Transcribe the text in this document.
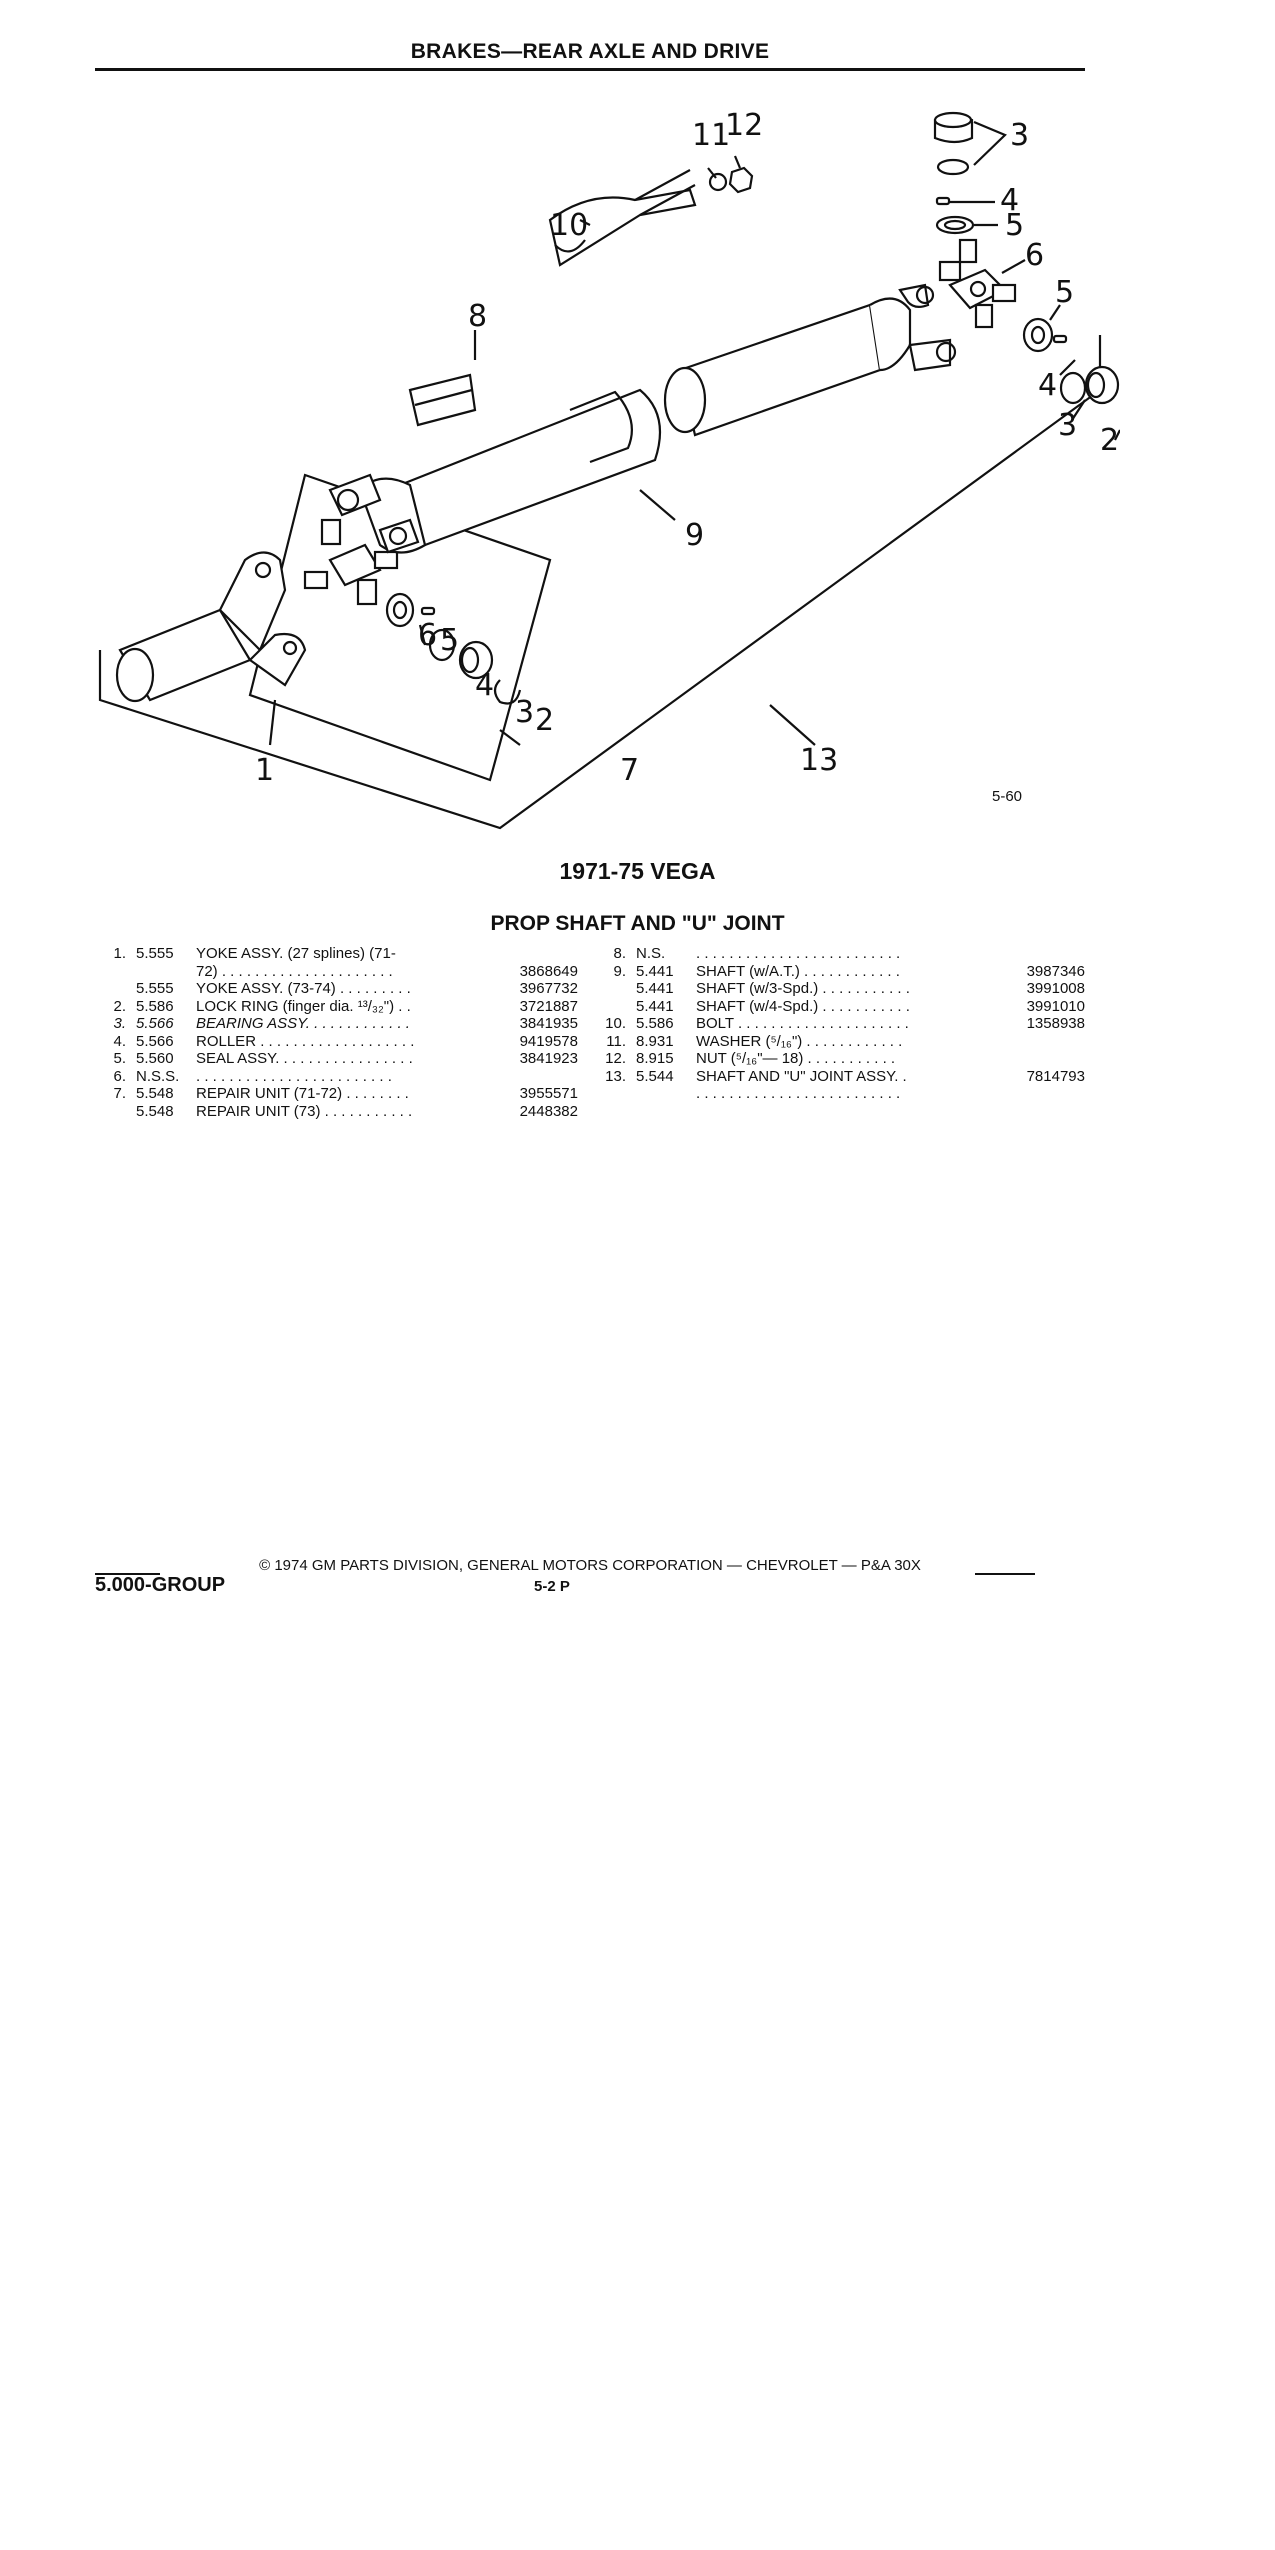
BRAKES—REAR AXLE AND DRIVE
1
2
3
4
5
6
7
8
9
10
11
12
13
3
4
5
6
5
4
3 2
5-60
1971-75 VEGA
PROP SHAFT AND "U" JOINT
1. 5.555 YOKE ASSY. (27 splines) (71-
72) . . . . . . . . . . . . . . . . . . . . .	3868649
5.555 YOKE ASSY. (73-74) . . . . . . . . .	3967732
2. 5.586 LOCK RING (finger dia. ¹³/₃₂") . .	3721887
3. 5.566 BEARING ASSY. . . . . . . . . . . . .	3841935
4. 5.566 ROLLER . . . . . . . . . . . . . . . . . . .	9419578
5. 5.560 SEAL ASSY. . . . . . . . . . . . . . . . .	3841923
6. N.S.S. . . . . . . . . . . . . . . . . . . . . . . . .
7. 5.548 REPAIR UNIT (71-72) . . . . . . . .	3955571
5.548 REPAIR UNIT (73) . . . . . . . . . . .	2448382
8. N.S. . . . . . . . . . . . . . . . . . . . . . . . . .
9. 5.441 SHAFT (w/A.T.) . . . . . . . . . . . .	3987346
5.441 SHAFT (w/3-Spd.) . . . . . . . . . . .	3991008
5.441 SHAFT (w/4-Spd.) . . . . . . . . . . .	3991010
10. 5.586 BOLT . . . . . . . . . . . . . . . . . . . . .	1358938
11. 8.931 WASHER (⁵/₁₆") . . . . . . . . . . . .
12. 8.915 NUT (⁵/₁₆"— 18) . . . . . . . . . . .
13. 5.544 SHAFT AND "U" JOINT ASSY. .	7814793
. . . . . . . . . . . . . . . . . . . . . . . . .
© 1974 GM PARTS DIVISION, GENERAL MOTORS CORPORATION — CHEVROLET — P&A 30X
5.000-GROUP	5-2 P
